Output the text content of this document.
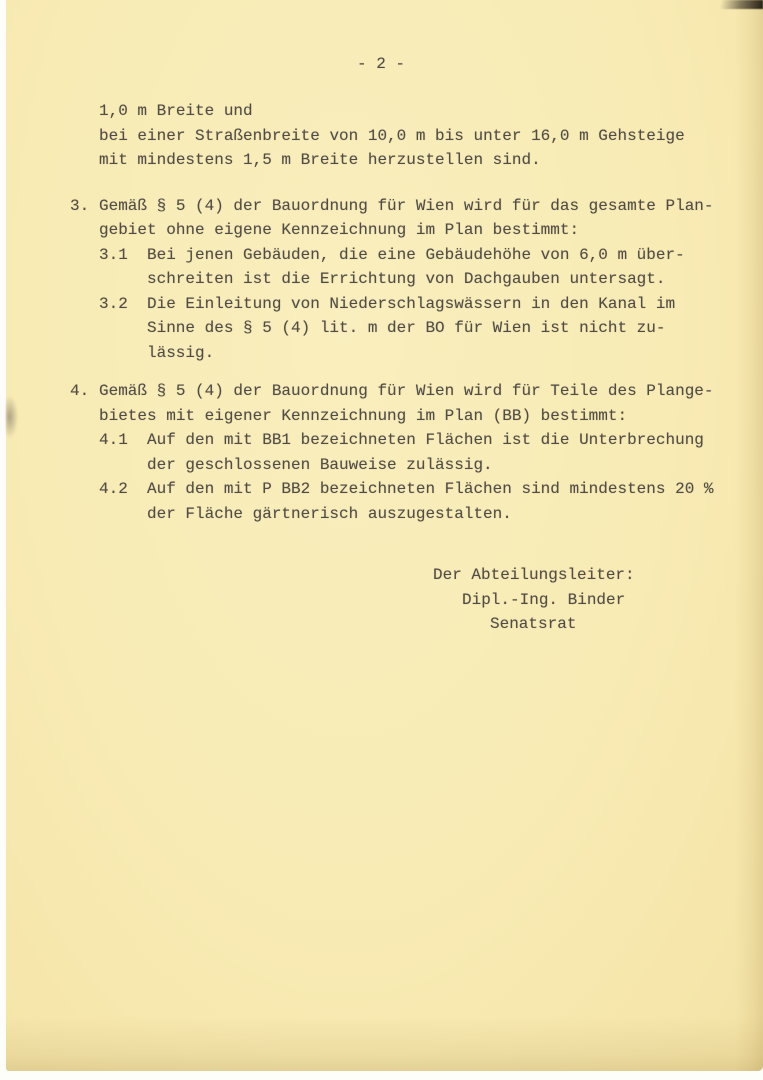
- 2 -
1,0 m Breite und
bei einer Straßenbreite von 10,0 m bis unter 16,0 m Gehsteige
mit mindestens 1,5 m Breite herzustellen sind.
3. Gemäß § 5 (4) der Bauordnung für Wien wird für das gesamte Plan-
gebiet ohne eigene Kennzeichnung im Plan bestimmt:
3.1 Bei jenen Gebäuden, die eine Gebäudehöhe von 6,0 m über-
schreiten ist die Errichtung von Dachgauben untersagt.
3.2 Die Einleitung von Niederschlagswässern in den Kanal im
Sinne des § 5 (4) lit. m der BO für Wien ist nicht zu-
lässig.
4. Gemäß § 5 (4) der Bauordnung für Wien wird für Teile des Plange-
bietes mit eigener Kennzeichnung im Plan (BB) bestimmt:
4.1 Auf den mit BB1 bezeichneten Flächen ist die Unterbrechung
der geschlossenen Bauweise zulässig.
4.2 Auf den mit P BB2 bezeichneten Flächen sind mindestens 20 %
der Fläche gärtnerisch auszugestalten.
Der Abteilungsleiter:
Dipl.-Ing. Binder
Senatsrat
